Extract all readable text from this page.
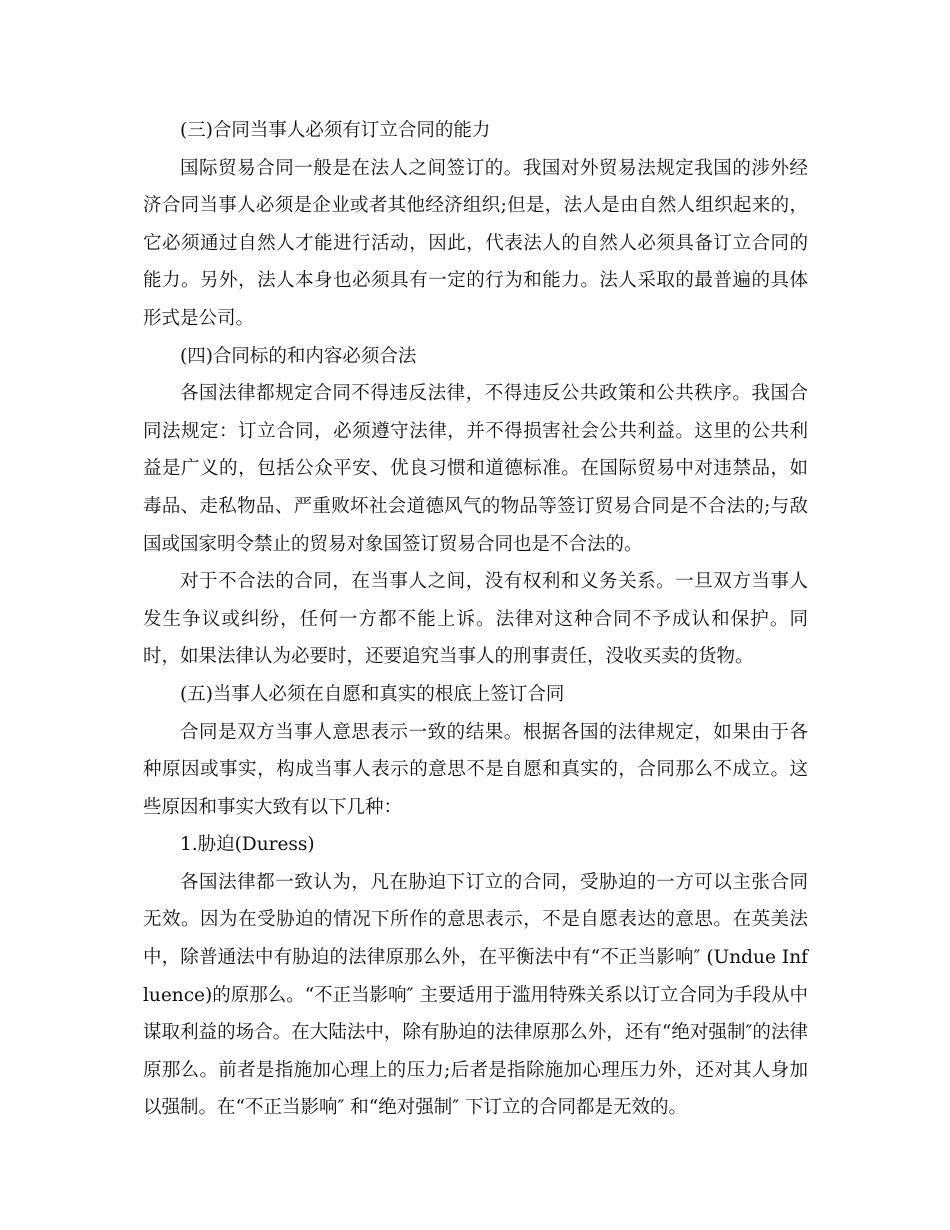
(三)合同当事人必须有订立合同的能力

国际贸易合同一般是在法人之间签订的。我国对外贸易法规定我国的涉外经济合同当事人必须是企业或者其他经济组织;但是，法人是由自然人组织起来的，它必须通过自然人才能进行活动，因此，代表法人的自然人必须具备订立合同的能力。另外，法人本身也必须具有一定的行为和能力。法人采取的最普遍的具体形式是公司。

(四)合同标的和内容必须合法

各国法律都规定合同不得违反法律，不得违反公共政策和公共秩序。我国合同法规定：订立合同，必须遵守法律，并不得损害社会公共利益。这里的公共利益是广义的，包括公众平安、优良习惯和道德标准。在国际贸易中对违禁品，如毒品、走私物品、严重败坏社会道德风气的物品等签订贸易合同是不合法的;与敌国或国家明令禁止的贸易对象国签订贸易合同也是不合法的。

对于不合法的合同，在当事人之间，没有权利和义务关系。一旦双方当事人发生争议或纠纷，任何一方都不能上诉。法律对这种合同不予成认和保护。同时，如果法律认为必要时，还要追究当事人的刑事责任，没收买卖的货物。

(五)当事人必须在自愿和真实的根底上签订合同

合同是双方当事人意思表示一致的结果。根据各国的法律规定，如果由于各种原因或事实，构成当事人表示的意思不是自愿和真实的，合同那么不成立。这些原因和事实大致有以下几种：

1.胁迫(Duress)

各国法律都一致认为，凡在胁迫下订立的合同，受胁迫的一方可以主张合同无效。因为在受胁迫的情况下所作的意思表示，不是自愿表达的意思。在英美法中，除普通法中有胁迫的法律原那么外，在平衡法中有“不正当影响″ (Undue Influence)的原那么。“不正当影响″ 主要适用于滥用特殊关系以订立合同为手段从中谋取利益的场合。在大陆法中，除有胁迫的法律原那么外，还有“绝对强制″的法律原那么。前者是指施加心理上的压力;后者是指除施加心理压力外，还对其人身加以强制。在“不正当影响″ 和“绝对强制″ 下订立的合同都是无效的。
